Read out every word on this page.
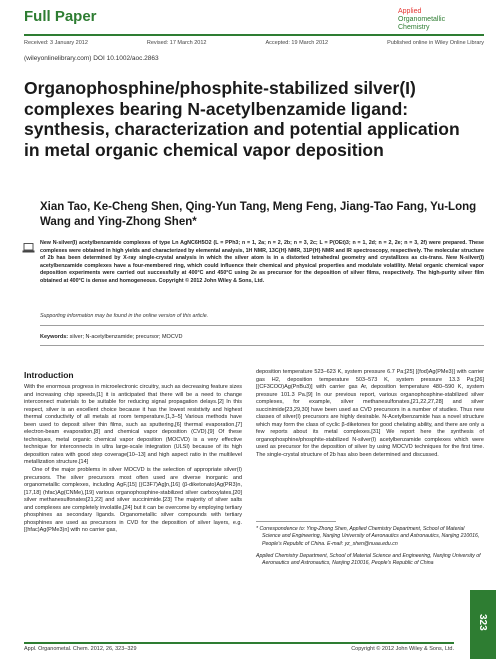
Full Paper	Applied
Organometallic
Chemistry
Received: 3 January 2012	Revised: 17 March 2012	Accepted: 19 March 2012	Published online in Wiley Online Library
(wileyonlinelibrary.com) DOI 10.1002/aoc.2863
Organophosphine/phosphite-stabilized silver(I) complexes bearing N-acetylbenzamide ligand: synthesis, characterization and potential application in metal organic chemical vapor deposition
Xian Tao, Ke-Cheng Shen, Qing-Yun Tang, Meng Feng, Jiang-Tao Fang, Yu-Long Wang and Ying-Zhong Shen*

New N-silver(I) acetylbenzamide complexes of type Ln AgNC6H5O2 (L = PPh3; n = 1, 2a; n = 2, 2b; n = 3, 2c; L = P(OEt)3; n = 1, 2d; n = 2, 2e; n = 3, 2f) were prepared. These complexes were obtained in high yields and characterized by elemental analysis, 1H NMR, 13C{H} NMR, 31P{H} NMR and IR spectroscopy, respectively. The molecular structure of 2b has been determined by X-ray single-crystal analysis in which the silver atom is in a distorted tetrahedral geometry and crystallizes as cis-trans. New N-silver(I) acetylbenzamide complexes have a four-membered ring, which could influence their chemical and physical properties and modulate volatility. Metal organic chemical vapor deposition experiments were carried out successfully at 400°C and 450°C using 2e as precursor for the deposition of silver films, respectively. The high-purity silver film obtained at 400°C is dense and homogeneous. Copyright © 2012 John Wiley & Sons, Ltd.

Supporting information may be found in the online version of this article.
Keywords: silver; N-acetylbenzamide; precursor; MOCVD
Introduction

With the enormous progress in microelectronic circuitry, such as decreasing feature sizes and increasing chip speeds,[1] it is anticipated that there will be a need to change interconnect materials to be suitable for reducing signal propagation delays.[2] In this respect, silver is an excellent choice because it has the lowest resistivity and highest thermal conductivity of all metals at room temperature.[1,3–5] Various methods have been used to deposit silver thin films, such as sputtering,[6] thermal evaporation,[7] electron-beam evaporation,[8] and chemical vapor deposition (CVD).[9] Of these techniques, metal organic chemical vapor deposition (MOCVD) is a very effective technique for interconnects in ultra large-scale integration (ULSI) because of its high deposition rates with good step coverage[10–13] and high aspect ratio in the multilevel metallization structure.[14]

One of the major problems in silver MOCVD is the selection of appropriate silver(I) precursors. The silver precursors most often used are diverse inorganic and organometallic complexes, including AgF,[15] [(C3F7)Ag]n,[16] (β-diketonato)Ag(PR3)n,[17,18] (hfac)Ag(CNMe),[19] various organophosphine-stabilized silver carboxylates,[20] silver methanesulfonates[21,22] and silver succinimide.[23] The majority of silver salts and complexes are completely involatile,[24] but it can be overcome by employing tertiary phosphines as secondary ligands. Organometallic silver compounds with tertiary phosphines are used as precursors in CVD for the deposition of silver layers, e.g. [(hfac)Ag(PMe3)n] with no carrier gas,

deposition temperature 523–623 K, system pressure 6.7 Pa;[25] [(fod)Ag(PMe3)] with carrier gas H2, deposition temperature 503–573 K, system pressure 13.3 Pa;[26] [(CF3COO)Ag(PnBu3)] with carrier gas Ar, deposition temperature 480–590 K, system pressure 101.3 Pa.[9] In our previous report, various organophosphine-stabilized silver complexes, for example, silver methanesulfonates,[21,22,27,28] and silver succinimide[23,29,30] have been used as CVD precursors in a number of studies. Thus new classes of silver(I) precursors are highly desirable. N-Acetylbenzamide has a novel structure which may form the class of cyclic β-diketones for good chelating ability, and there are only a few reports about its metal complexes.[31] We report here the synthesis of organophosphine/phosphite-stabilized N-silver(I) acetylbenzamide complexes which were used as precursor for the deposition of silver by using MOCVD techniques for the first time. The single-crystal structure of 2b has also been determined and discussed.

* Correspondence to: Ying-Zhong Shen, Applied Chemistry Department, School of Material Science and Engineering, Nanjing University of Aeronautics and Astronautics, Nanjing 210016, People's Republic of China. E-mail: yz_shen@nuaa.edu.cn

Applied Chemistry Department, School of Material Science and Engineering, Nanjing University of Aeronautics and Astronautics, Nanjing 210016, People's Republic of China

Appl. Organometal. Chem. 2012, 26, 323–329	Copyright © 2012 John Wiley & Sons, Ltd.
323
